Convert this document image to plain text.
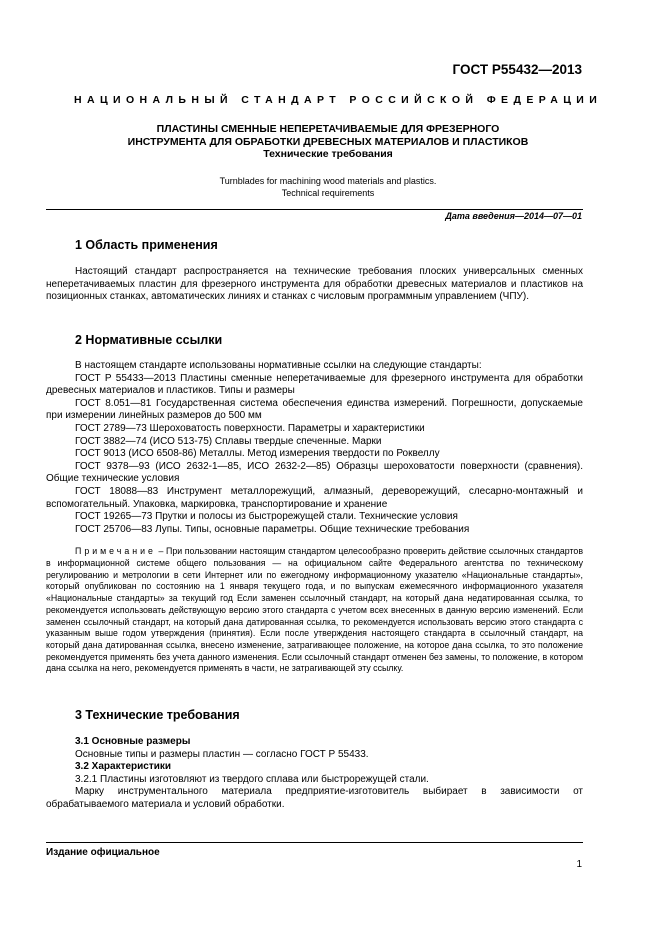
ГОСТ Р55432—2013
НАЦИОНАЛЬНЫЙ СТАНДАРТ РОССИЙСКОЙ ФЕДЕРАЦИИ
ПЛАСТИНЫ СМЕННЫЕ НЕПЕРЕТАЧИВАЕМЫЕ ДЛЯ ФРЕЗЕРНОГО
ИНСТРУМЕНТА ДЛЯ ОБРАБОТКИ ДРЕВЕСНЫХ МАТЕРИАЛОВ И ПЛАСТИКОВ
Технические требования
Turnblades for machining wood materials and plastics.
Technical requirements
Дата введения—2014—07—01
1 Область применения

Настоящий стандарт распространяется на технические требования плоских универсальных сменных неперетачиваемых пластин для фрезерного инструмента для обработки древесных материалов и пластиков на позиционных станках, автоматических линиях и станках с числовым программным управлением (ЧПУ).

2 Нормативные ссылки

В настоящем стандарте использованы нормативные ссылки на следующие стандарты:

ГОСТ Р 55433—2013 Пластины сменные неперетачиваемые для фрезерного инструмента для обработки древесных материалов и пластиков. Типы и размеры

ГОСТ 8.051—81 Государственная система обеспечения единства измерений. Погрешности, допускаемые при измерении линейных размеров до 500 мм

ГОСТ 2789—73 Шероховатость поверхности. Параметры и характеристики

ГОСТ 3882—74 (ИСО 513-75) Сплавы твердые спеченные. Марки

ГОСТ 9013 (ИСО 6508-86) Металлы. Метод измерения твердости по Роквеллу

ГОСТ 9378—93 (ИСО 2632-1—85, ИСО 2632-2—85) Образцы шероховатости поверхности (сравнения). Общие технические условия

ГОСТ 18088—83 Инструмент металлорежущий, алмазный, дереворежущий, слесарно-монтажный и вспомогательный. Упаковка, маркировка, транспортирование и хранение

ГОСТ 19265—73 Прутки и полосы из быстрорежущей стали. Технические условия

ГОСТ 25706—83 Лупы. Типы, основные параметры. Общие технические требования

Примечание – При пользовании настоящим стандартом целесообразно проверить действие ссылочных стандартов в информационной системе общего пользования — на официальном сайте Федерального агентства по техническому регулированию и метрологии в сети Интернет или по ежегодному информационному указателю «Национальные стандарты», который опубликован по состоянию на 1 января текущего года, и по выпускам ежемесячного информационного указателя «Национальные стандарты» за текущий год Если заменен ссылочный стандарт, на который дана недатированная ссылка, то рекомендуется использовать действующую версию этого стандарта с учетом всех внесенных в данную версию изменений. Если заменен ссылочный стандарт, на который дана датированная ссылка, то рекомендуется использовать версию этого стандарта с указанным выше годом утверждения (принятия). Если после утверждения настоящего стандарта в ссылочный стандарт, на который дана датированная ссылка, внесено изменение, затрагивающее положение, на которое дана ссылка, то это положение рекомендуется применять без учета данного изменения. Если ссылочный стандарт отменен без замены, то положение, в котором дана ссылка на него, рекомендуется применять в части, не затрагивающей эту ссылку.

3 Технические требования
3.1 Основные размеры

Основные типы и размеры пластин — согласно ГОСТ Р 55433.

3.2 Характеристики

3.2.1 Пластины изготовляют из твердого сплава или быстрорежущей стали.

Марку инструментального материала предприятие-изготовитель выбирает в зависимости от обрабатываемого материала и условий обработки.

Издание официальное
1
